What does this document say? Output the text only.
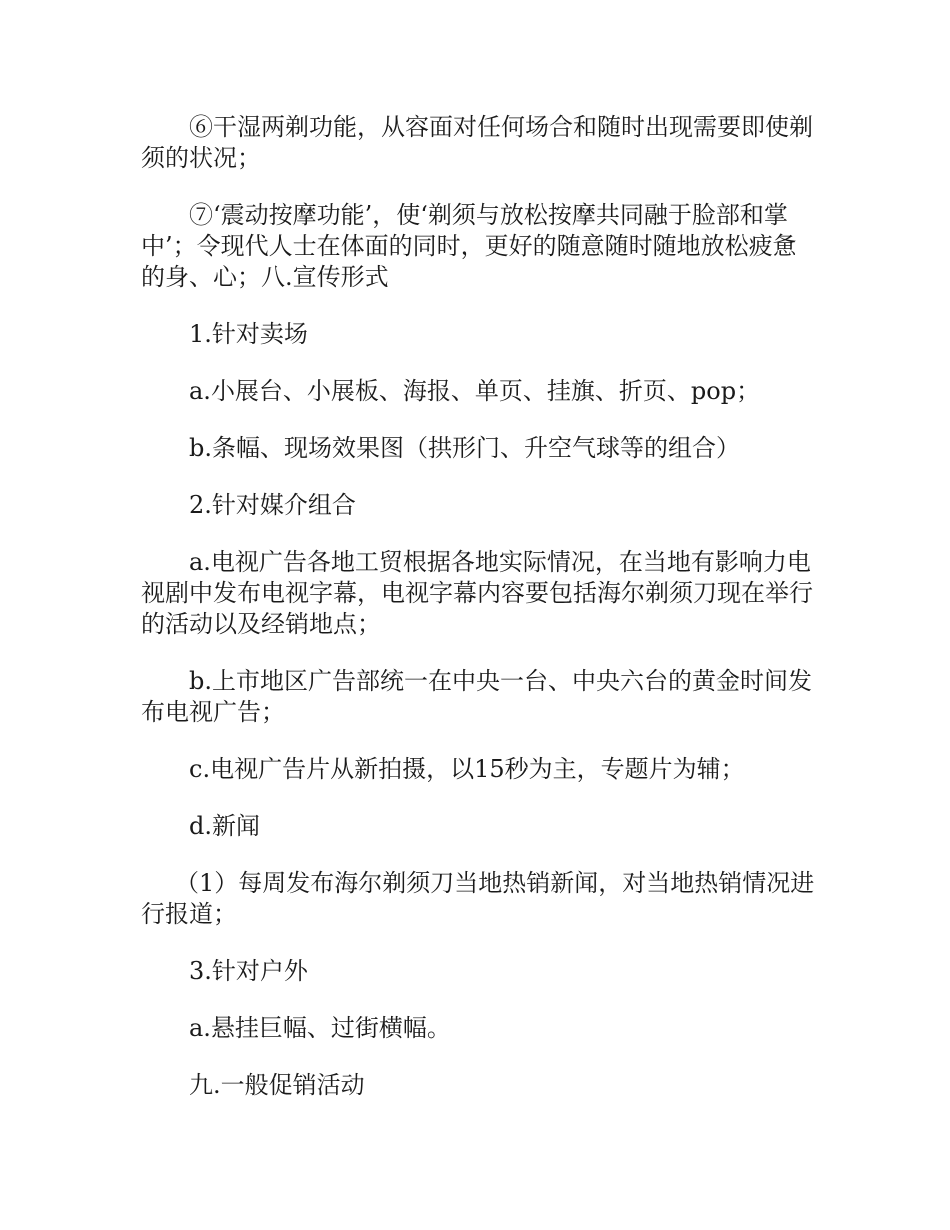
⑥干湿两剃功能，从容面对任何场合和随时出现需要即使剃须的状况；

⑦‘震动按摩功能’，使‘剃须与放松按摩共同融于脸部和掌中’；令现代人士在体面的同时，更好的随意随时随地放松疲惫的身、心；八.宣传形式

1.针对卖场

a.小展台、小展板、海报、单页、挂旗、折页、pop；

b.条幅、现场效果图（拱形门、升空气球等的组合）

2.针对媒介组合

a.电视广告各地工贸根据各地实际情况，在当地有影响力电视剧中发布电视字幕，电视字幕内容要包括海尔剃须刀现在举行的活动以及经销地点；

b.上市地区广告部统一在中央一台、中央六台的黄金时间发布电视广告；

c.电视广告片从新拍摄，以15秒为主，专题片为辅；

d.新闻

（1）每周发布海尔剃须刀当地热销新闻，对当地热销情况进行报道；

3.针对户外

a.悬挂巨幅、过街横幅。

九.一般促销活动
